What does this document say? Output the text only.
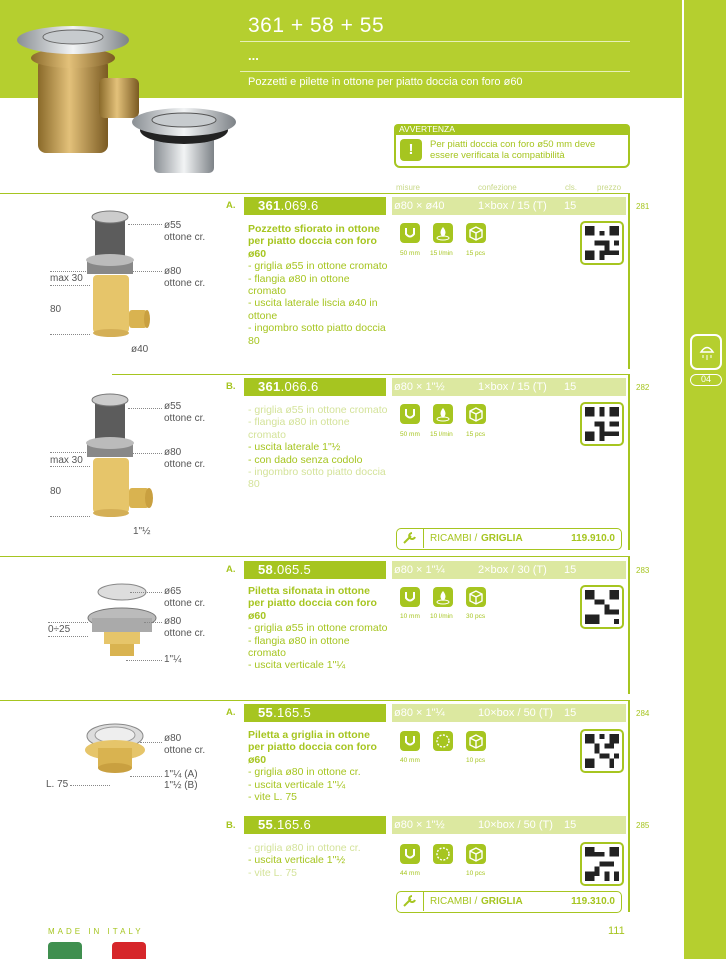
361 + 58 + 55
...
Pozzetti e pilette in ottone per piatto doccia con foro ø60
04
AVVERTENZA
!	Per piatti doccia con foro ø50 mm deve essere verificata la compatibilità
misure	confezione	cls.	prezzo
A.	361.069.6	ø80 × ø40	1×box / 15 (T) 15	281
Pozzetto sfiorato in ottone per piatto doccia con foro ø60
- griglia ø55 in ottone cromato
- flangia ø80 in ottone cromato
- uscita laterale liscia ø40 in ottone
- ingombro sotto piatto doccia 80
50 mm 15 l/min 15 pcs
ø55
ottone cr.
ø80
ottone cr.
max 30
80
ø40
B.	361.066.6	ø80 × 1"½	1×box / 15 (T) 15	282
- griglia ø55 in ottone cromato
- flangia ø80 in ottone cromato
- uscita laterale 1"½
- con dado senza codolo
- ingombro sotto piatto doccia 80
50 mm 15 l/min 15 pcs
RICAMBI / GRIGLIA	119.910.0
ø55
ottone cr.
ø80
ottone cr.
max 30
80
1"½
A.	58.065.5	ø80 × 1"¼	2×box / 30 (T) 15	283
Piletta sifonata in ottone per piatto doccia con foro ø60
- griglia ø55 in ottone cromato
- flangia ø80 in ottone cromato
- uscita verticale 1"¼
10 mm 10 l/min 30 pcs
ø65
ottone cr.
ø80
ottone cr.
0÷25
1"¼
A.	55.165.5	ø80 × 1"¼	10×box / 50 (T) 15	284
Piletta a griglia in ottone per piatto doccia con foro ø60
- griglia ø80 in ottone cr.
- uscita verticale 1"¼
- vite L. 75
40 mm	10 pcs
ø80
ottone cr.
1"¼ (A)
1"½ (B)
L. 75
B.	55.165.6	ø80 × 1"½	10×box / 50 (T) 15	285
- griglia ø80 in ottone cr.
- uscita verticale 1"½
- vite L. 75	44 mm	10 pcs
RICAMBI / GRIGLIA	119.310.0
MADE IN ITALY	111
